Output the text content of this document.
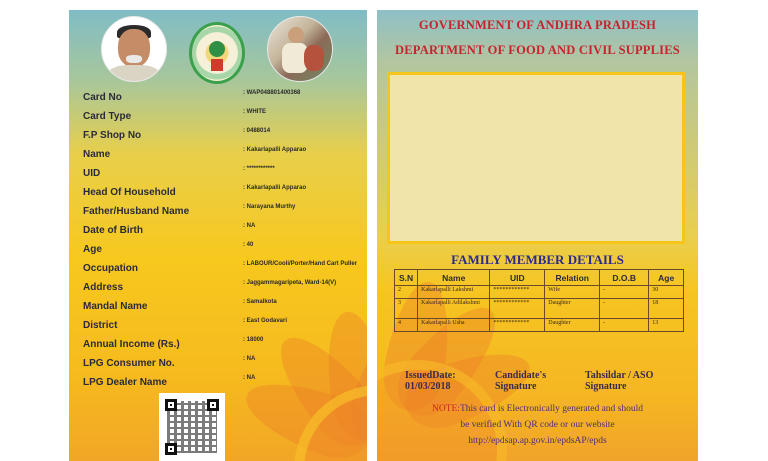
Card No	: WAP048801400368
Card Type	: WHITE
F.P Shop No	: 0488014
Name	: Kakarlapalli Apparao
UID	: ************
Head Of Household	: Kakarlapalli Apparao
Father/Husband Name	: Narayana Murthy
Date of Birth	: NA
Age	: 40
Occupation	: LABOUR/Cooli/Porter/Hand Cart Puller
Address	: Jaggammagaripeta, Ward-14(V)
Mandal Name	: Samalkota
District	: East Godavari
Annual Income (Rs.)	: 18000
LPG Consumer No.	: NA
LPG Dealer Name	: NA
GOVERNMENT OF ANDHRA PRADESH
DEPARTMENT OF FOOD AND CIVIL SUPPLIES
FAMILY MEMBER DETAILS
S.N	Name	UID	Relation	D.O.B	Age
2	Kakarlapalli Lakshmi	************	Wife	-	30
3	Kakarlapalli Adilakshmi	************	Daughter	-	18
4	Kakarlapalli Usha	************	Daughter	-	13
IssuedDate:
01/03/2018
Candidate's
Signature
Tahsildar / ASO
Signature
NOTE:This card is Electronically generated and should
be verified With QR code or our website
http://epdsap.ap.gov.in/epdsAP/epds
